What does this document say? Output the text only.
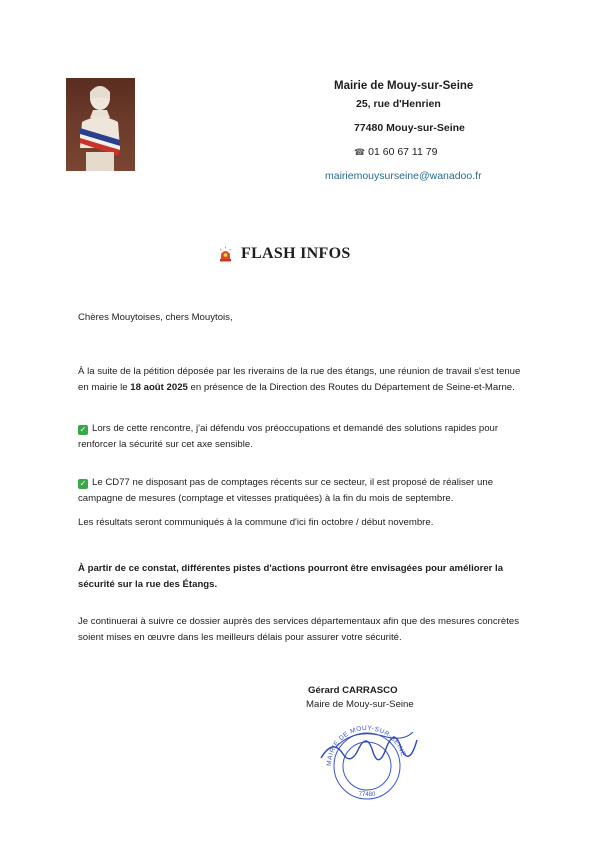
Mairie de Mouy-sur-Seine
25, rue d'Henrien
77480 Mouy-sur-Seine
☎ 01 60 67 11 79
mairiemouysurseine@wanadoo.fr
FLASH INFOS
Chères Mouytoises, chers Mouytois,
À la suite de la pétition déposée par les riverains de la rue des étangs, une réunion de travail s'est tenue en mairie le 18 août 2025 en présence de la Direction des Routes du Département de Seine-et-Marne.
✓ Lors de cette rencontre, j'ai défendu vos préoccupations et demandé des solutions rapides pour renforcer la sécurité sur cet axe sensible.
✓ Le CD77 ne disposant pas de comptages récents sur ce secteur, il est proposé de réaliser une campagne de mesures (comptage et vitesses pratiquées) à la fin du mois de septembre.
Les résultats seront communiqués à la commune d'ici fin octobre / début novembre.
À partir de ce constat, différentes pistes d'actions pourront être envisagées pour améliorer la sécurité sur la rue des Étangs.
Je continuerai à suivre ce dossier auprès des services départementaux afin que des mesures concrètes soient mises en œuvre dans les meilleurs délais pour assurer votre sécurité.
Gérard CARRASCO
Maire de Mouy-sur-Seine
MAIRIE DE MOUY-SUR-SEINE
77480
